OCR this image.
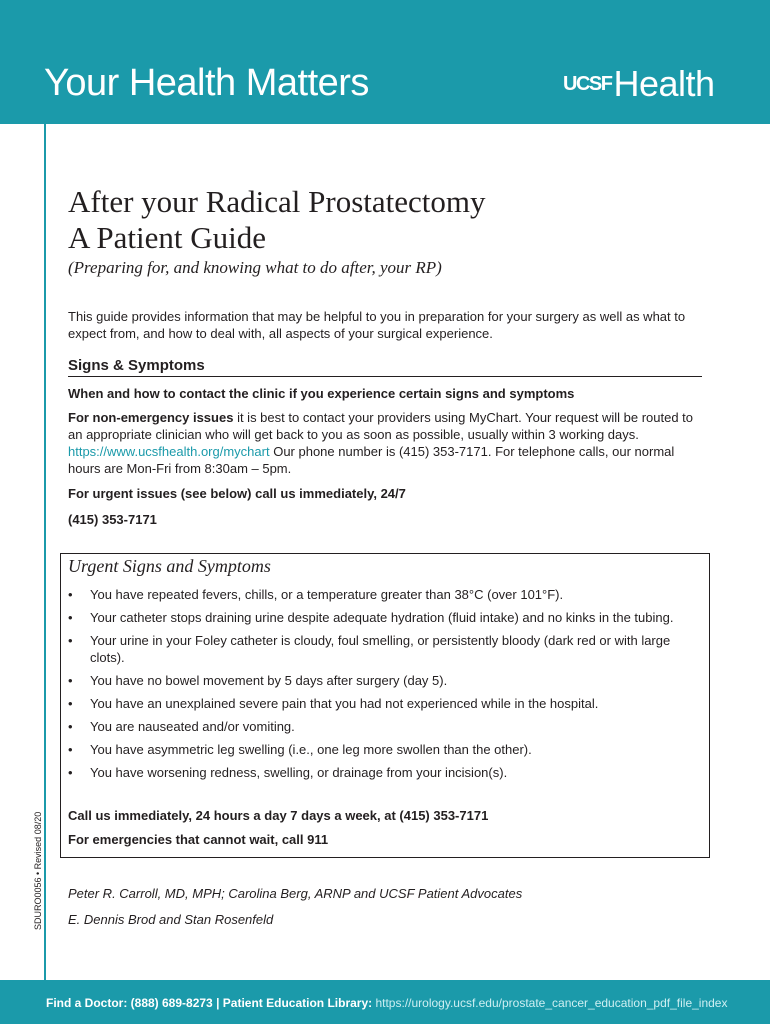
Your Health Matters	UCSF Health
SDURO0056 • Revised 08/20
After your Radical Prostatectomy
A Patient Guide
(Preparing for, and knowing what to do after, your RP)
This guide provides information that may be helpful to you in preparation for your surgery as well as what to expect from, and how to deal with, all aspects of your surgical experience.
Signs & Symptoms
When and how to contact the clinic if you experience certain signs and symptoms
For non-emergency issues it is best to contact your providers using MyChart. Your request will be routed to an appropriate clinician who will get back to you as soon as possible, usually within 3 working days. https://www.ucsfhealth.org/mychart Our phone number is (415) 353-7171. For telephone calls, our normal hours are Mon-Fri from 8:30am – 5pm.
For urgent issues (see below) call us immediately, 24/7
(415) 353-7171
Urgent Signs and Symptoms
• You have repeated fevers, chills, or a temperature greater than 38°C (over 101°F).
• Your catheter stops draining urine despite adequate hydration (fluid intake) and no kinks in the tubing.
• Your urine in your Foley catheter is cloudy, foul smelling, or persistently bloody (dark red or with large clots).
• You have no bowel movement by 5 days after surgery (day 5).
• You have an unexplained severe pain that you had not experienced while in the hospital.
• You are nauseated and/or vomiting.
• You have asymmetric leg swelling (i.e., one leg more swollen than the other).
• You have worsening redness, swelling, or drainage from your incision(s).
Call us immediately, 24 hours a day 7 days a week, at (415) 353-7171
For emergencies that cannot wait, call 911
Peter R. Carroll, MD, MPH; Carolina Berg, ARNP and UCSF Patient Advocates
E. Dennis Brod and Stan Rosenfeld
Find a Doctor: (888) 689-8273 | Patient Education Library: https://urology.ucsf.edu/prostate_cancer_education_pdf_file_index
